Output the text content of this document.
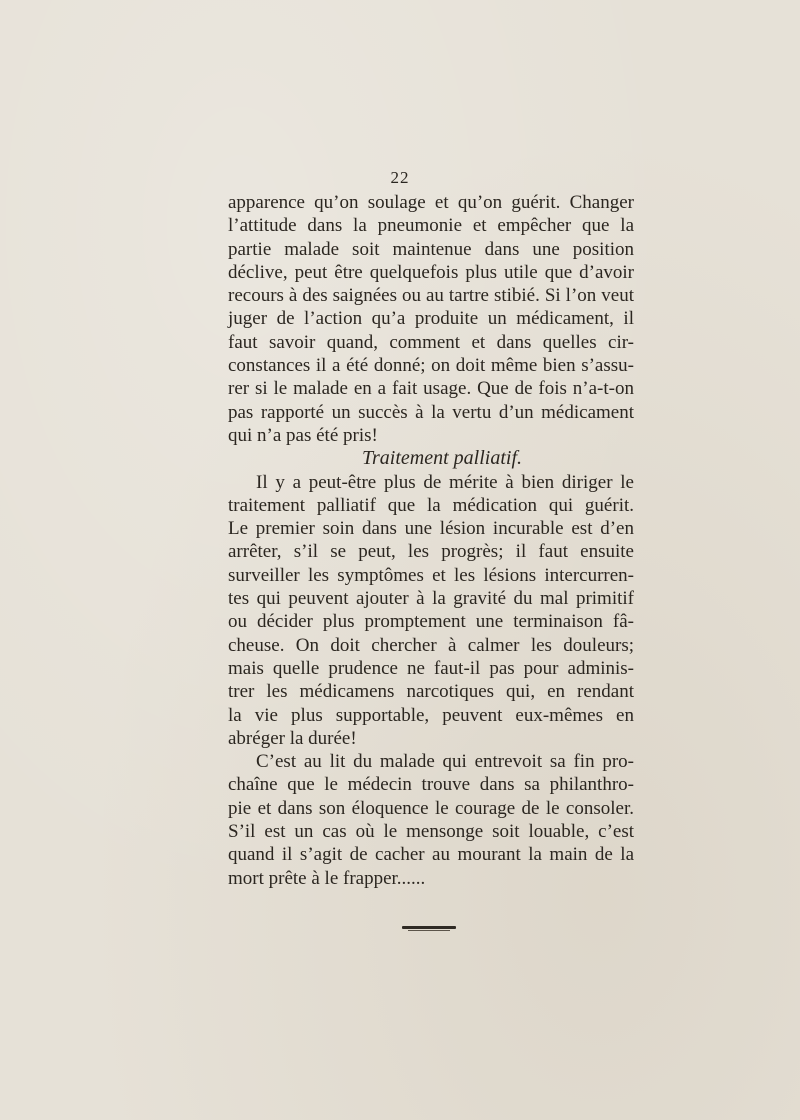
22
apparence qu’on soulage et qu’on guérit. Changer
l’attitude dans la pneumonie et empêcher que la
partie malade soit maintenue dans une position
déclive, peut être quelquefois plus utile que d’avoir
recours à des saignées ou au tartre stibié. Si l’on veut
juger de l’action qu’a produite un médicament, il
faut savoir quand, comment et dans quelles cir-
constances il a été donné; on doit même bien s’assu-
rer si le malade en a fait usage. Que de fois n’a-t-on
pas rapporté un succès à la vertu d’un médicament
qui n’a pas été pris!
Traitement palliatif.
Il y a peut-être plus de mérite à bien diriger le
traitement palliatif que la médication qui guérit.
Le premier soin dans une lésion incurable est d’en
arrêter, s’il se peut, les progrès; il faut ensuite
surveiller les symptômes et les lésions intercurren-
tes qui peuvent ajouter à la gravité du mal primitif
ou décider plus promptement une terminaison fâ-
cheuse. On doit chercher à calmer les douleurs;
mais quelle prudence ne faut-il pas pour adminis-
trer les médicamens narcotiques qui, en rendant
la vie plus supportable, peuvent eux-mêmes en
abréger la durée!
C’est au lit du malade qui entrevoit sa fin pro-
chaîne que le médecin trouve dans sa philanthro-
pie et dans son éloquence le courage de le consoler.
S’il est un cas où le mensonge soit louable, c’est
quand il s’agit de cacher au mourant la main de la
mort prête à le frapper......
